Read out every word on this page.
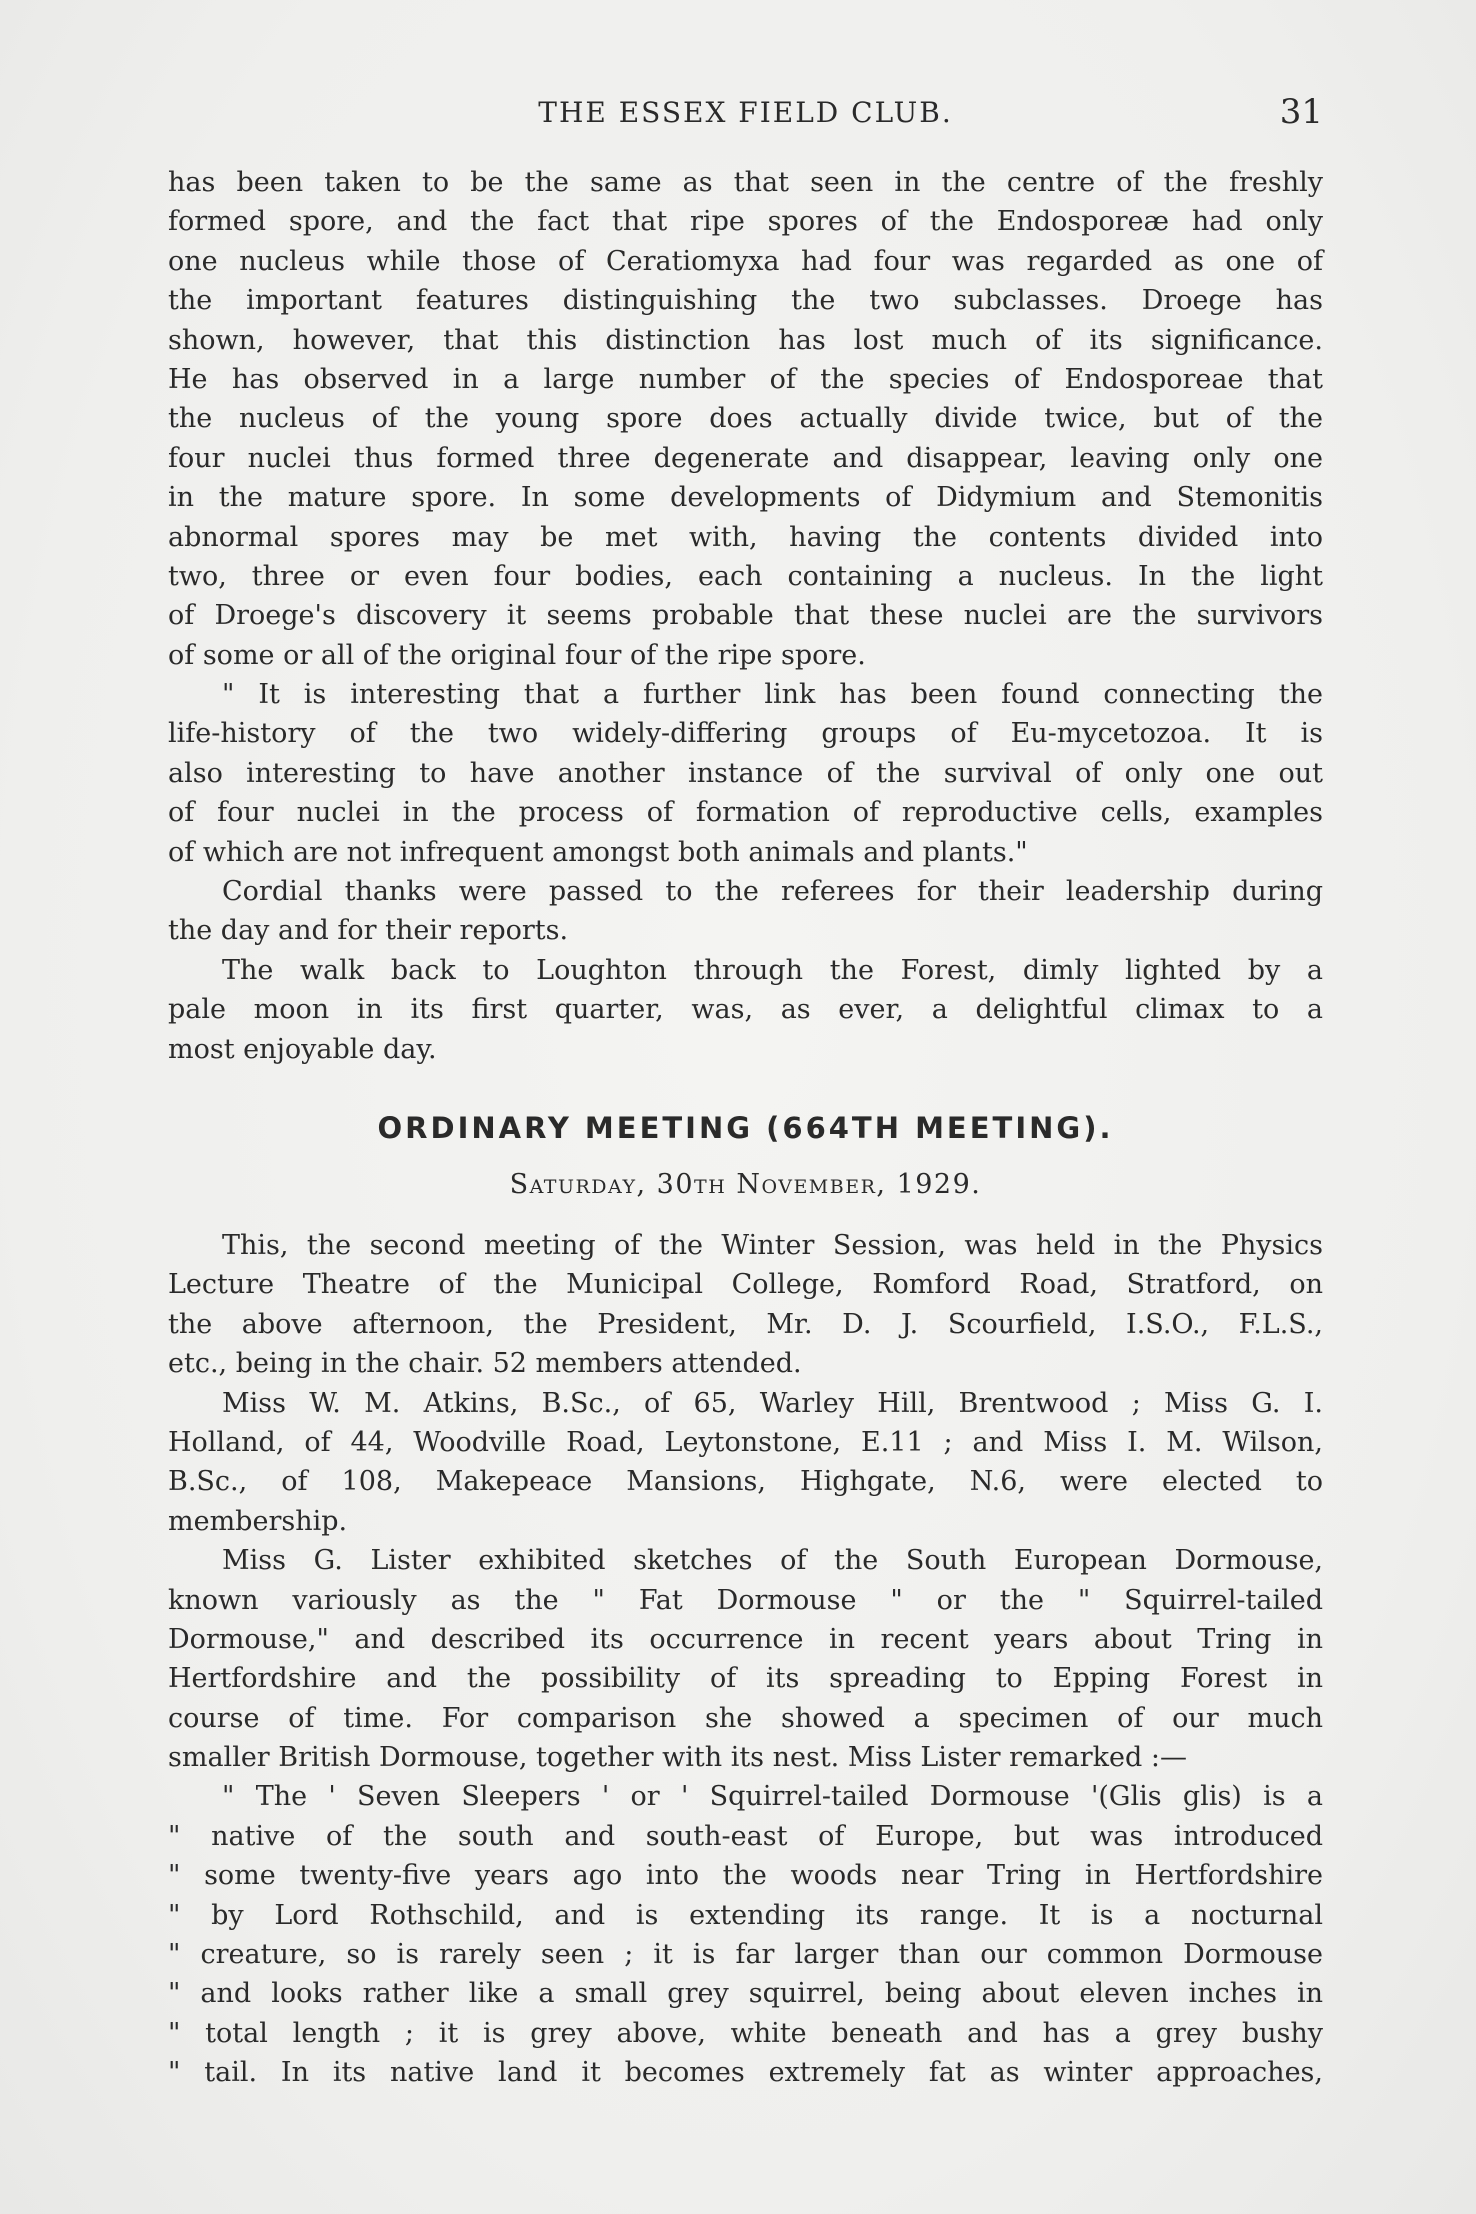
THE ESSEX FIELD CLUB.	31
has been taken to be the same as that seen in the centre of the freshly
formed spore, and the fact that ripe spores of the Endosporeæ had only
one nucleus while those of Ceratiomyxa had four was regarded as one of
the important features distinguishing the two subclasses. Droege has
shown, however, that this distinction has lost much of its significance.
He has observed in a large number of the species of Endosporeae that
the nucleus of the young spore does actually divide twice, but of the
four nuclei thus formed three degenerate and disappear, leaving only one
in the mature spore. In some developments of Didymium and Stemonitis
abnormal spores may be met with, having the contents divided into
two, three or even four bodies, each containing a nucleus. In the light
of Droege's discovery it seems probable that these nuclei are the survivors
of some or all of the original four of the ripe spore.
" It is interesting that a further link has been found connecting the
life-history of the two widely-differing groups of Eu-mycetozoa. It is
also interesting to have another instance of the survival of only one out
of four nuclei in the process of formation of reproductive cells, examples
of which are not infrequent amongst both animals and plants."
Cordial thanks were passed to the referees for their leadership during
the day and for their reports.
The walk back to Loughton through the Forest, dimly lighted by a
pale moon in its first quarter, was, as ever, a delightful climax to a
most enjoyable day.
ORDINARY MEETING (664TH MEETING).
Saturday, 30th November, 1929.
This, the second meeting of the Winter Session, was held in the Physics
Lecture Theatre of the Municipal College, Romford Road, Stratford, on
the above afternoon, the President, Mr. D. J. Scourfield, I.S.O., F.L.S.,
etc., being in the chair. 52 members attended.
Miss W. M. Atkins, B.Sc., of 65, Warley Hill, Brentwood ; Miss G. I.
Holland, of 44, Woodville Road, Leytonstone, E.11 ; and Miss I. M. Wilson,
B.Sc., of 108, Makepeace Mansions, Highgate, N.6, were elected to
membership.
Miss G. Lister exhibited sketches of the South European Dormouse,
known variously as the " Fat Dormouse " or the " Squirrel-tailed
Dormouse," and described its occurrence in recent years about Tring in
Hertfordshire and the possibility of its spreading to Epping Forest in
course of time. For comparison she showed a specimen of our much
smaller British Dormouse, together with its nest. Miss Lister remarked :—
" The ' Seven Sleepers ' or ' Squirrel-tailed Dormouse '(Glis glis) is a
" native of the south and south-east of Europe, but was introduced
" some twenty-five years ago into the woods near Tring in Hertfordshire
" by Lord Rothschild, and is extending its range. It is a nocturnal
" creature, so is rarely seen ; it is far larger than our common Dormouse
" and looks rather like a small grey squirrel, being about eleven inches in
" total length ; it is grey above, white beneath and has a grey bushy
" tail. In its native land it becomes extremely fat as winter approaches,
